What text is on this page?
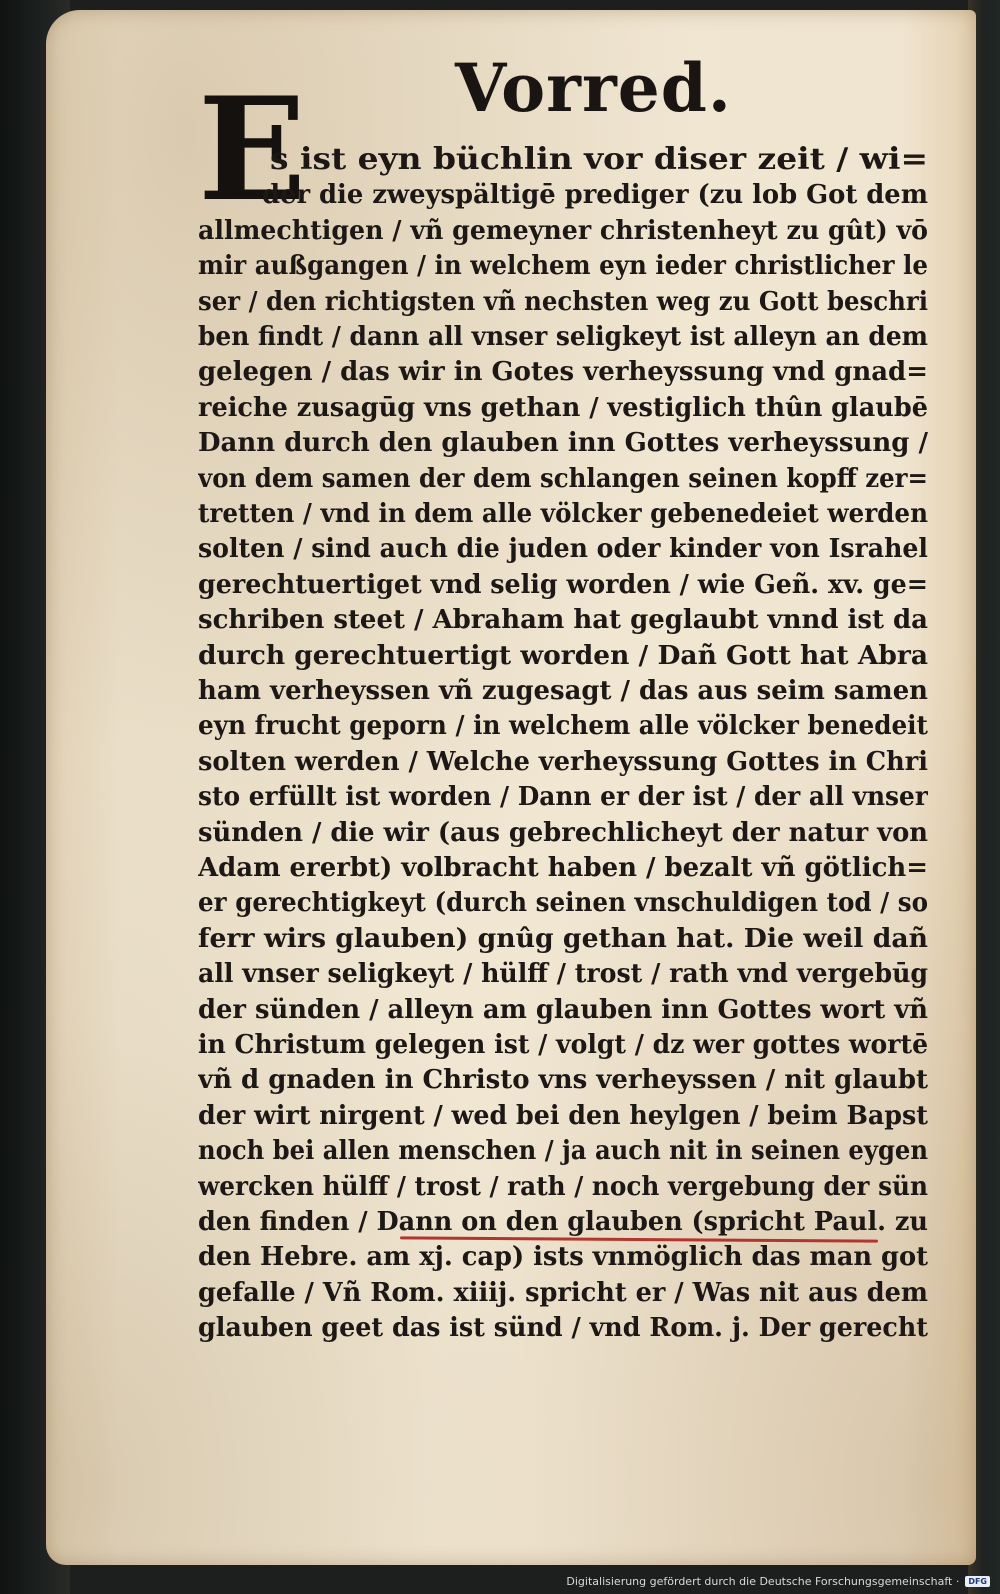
Vorred.
E

s ist eyn büchlin vor diser zeit / wi=

der die zweyspältigē prediger (zu lob Got dem

allmechtigen / vñ gemeyner christenheyt zu gût) vō

mir außgangen / in welchem eyn ieder christlicher le

ser / den richtigsten vñ nechsten weg zu Gott beschri

ben findt / dann all vnser seligkeyt ist alleyn an dem

gelegen / das wir in Gotes verheyssung vnd gnad=

reiche zusagūg vns gethan / vestiglich thûn glaubē

Dann durch den glauben inn Gottes verheyssung /

von dem samen der dem schlangen seinen kopff zer=

tretten / vnd in dem alle völcker gebenedeiet werden

solten / sind auch die juden oder kinder von Israhel

gerechtuertiget vnd selig worden / wie Geñ. xv. ge=

schriben steet / Abraham hat geglaubt vnnd ist da

durch gerechtuertigt worden / Dañ Gott hat Abra

ham verheyssen vñ zugesagt / das aus seim samen

eyn frucht geporn / in welchem alle völcker benedeit

solten werden / Welche verheyssung Gottes in Chri

sto erfüllt ist worden / Dann er der ist / der all vnser

sünden / die wir (aus gebrechlicheyt der natur von

Adam ererbt) volbracht haben / bezalt vñ götlich=

er gerechtigkeyt (durch seinen vnschuldigen tod / so

ferr wirs glauben) gnûg gethan hat. Die weil dañ

all vnser seligkeyt / hülff / trost / rath vnd vergebūg

der sünden / alleyn am glauben inn Gottes wort vñ

in Christum gelegen ist / volgt / dz wer gottes wortē

vñ d gnaden in Christo vns verheyssen / nit glaubt

der wirt nirgent / wed bei den heylgen / beim Bapst

noch bei allen menschen / ja auch nit in seinen eygen

wercken hülff / trost / rath / noch vergebung der sün

den finden / Dann on den glauben (spricht Paul. zu

den Hebre. am xj. cap) ists vnmöglich das man got

gefalle / Vñ Rom. xiiij. spricht er / Was nit aus dem

glauben geet das ist sünd / vnd Rom. j. Der gerecht

Digitalisierung gefördert durch die Deutsche Forschungsgemeinschaft ·	DFG
